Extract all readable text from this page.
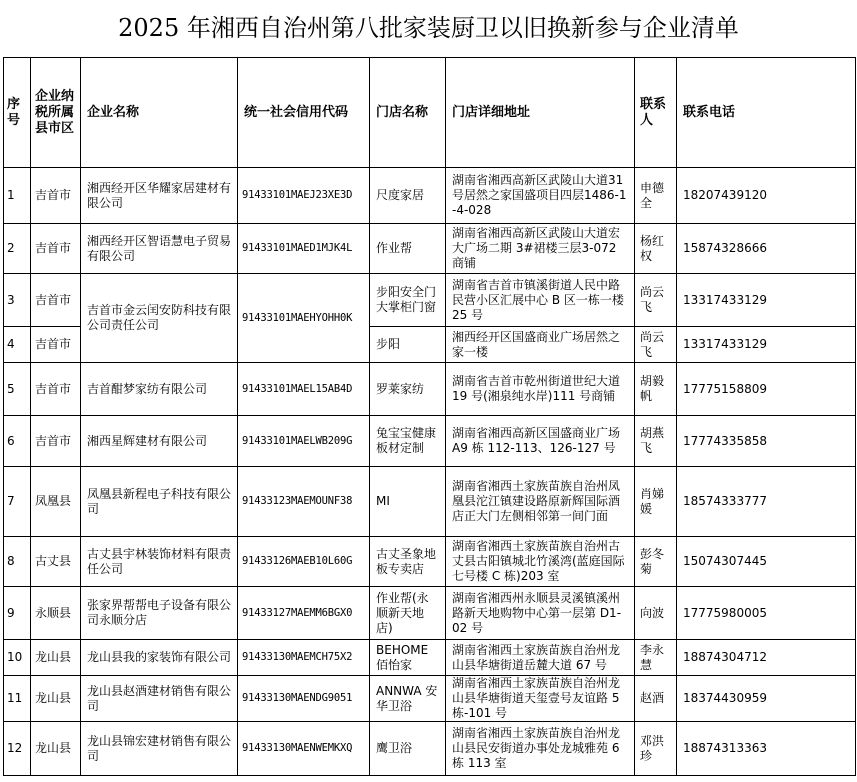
2025 年湘西自治州第八批家装厨卫以旧换新参与企业清单
序号	企业纳税所属县市区	企业名称	统一社会信用代码	门店名称	门店详细地址	联系人	联系电话
1	吉首市	湘西经开区华耀家居建材有限公司	91433101MAEJ23XE3D	尺度家居	湖南省湘西高新区武陵山大道31号居然之家国盛项目四层1486-1-4-028	申德全	18207439120
2	吉首市	湘西经开区智语慧电子贸易有限公司	91433101MAED1MJK4L	作业帮	湖南省湘西高新区武陵山大道宏大广场二期 3#裙楼三层3-072 商铺	杨红权	15874328666
3	吉首市	吉首市金云闰安防科技有限公司责任公司	91433101MAEHYOHH0K	步阳安全门大掌柜门窗	湖南省吉首市镇溪街道人民中路民营小区汇展中心 B 区一栋一楼 25 号	尚云飞	13317433129
4	吉首市			步阳	湘西经开区国盛商业广场居然之家一楼	尚云飞	13317433129
5	吉首市	吉首酣梦家纺有限公司	91433101MAEL15AB4D	罗莱家纺	湖南省吉首市乾州街道世纪大道 19 号(湘泉纯水岸)111 号商铺	胡毅帆	17775158809
6	吉首市	湘西星辉建材有限公司	91433101MAELWB209G	兔宝宝健康板材定制	湖南省湘西高新区国盛商业广场 A9 栋 112-113、126-127 号	胡燕飞	17774335858
7	凤凰县	凤凰县新程电子科技有限公司	91433123MAEMOUNF38	MI	湖南省湘西土家族苗族自治州凤凰县沱江镇建设路原新辉国际酒店正大门左侧相邻第一间门面	肖娣媛	18574333777
8	古丈县	古丈县宇林装饰材料有限责任公司	91433126MAEB10L60G	古丈圣象地板专卖店	湖南省湘西土家族苗族自治州古丈县古阳镇城北竹溪湾(蓝庭国际七号楼 C 栋)203 室	彭冬菊	15074307445
9	永顺县	张家界帮帮电子设备有限公司永顺分店	91433127MAEMM6BGX0	作业帮(永顺新天地店)	湖南省湘西州永顺县灵溪镇溪州路新天地购物中心第一层第 D1-02 号	向波	17775980005
10	龙山县	龙山县我的家装饰有限公司	91433130MAEMCH75X2	BEHOME 佰怡家	湖南省湘西土家族苗族自治州龙山县华塘街道岳麓大道 67 号	李永慧	18874304712
11	龙山县	龙山县赵酒建材销售有限公司	91433130MAENDG9051	ANNWA 安华卫浴	湖南省湘西土家族苗族自治州龙山县华塘街道天玺壹号友谊路 5 栋-101 号	赵酒	18374430959
12	龙山县	龙山县锦宏建材销售有限公司	91433130MAENWEMKXQ	鹰卫浴	湖南省湘西土家族苗族自治州龙山县民安街道办事处龙城雅苑 6 栋 113 室	邓洪珍	18874313363
